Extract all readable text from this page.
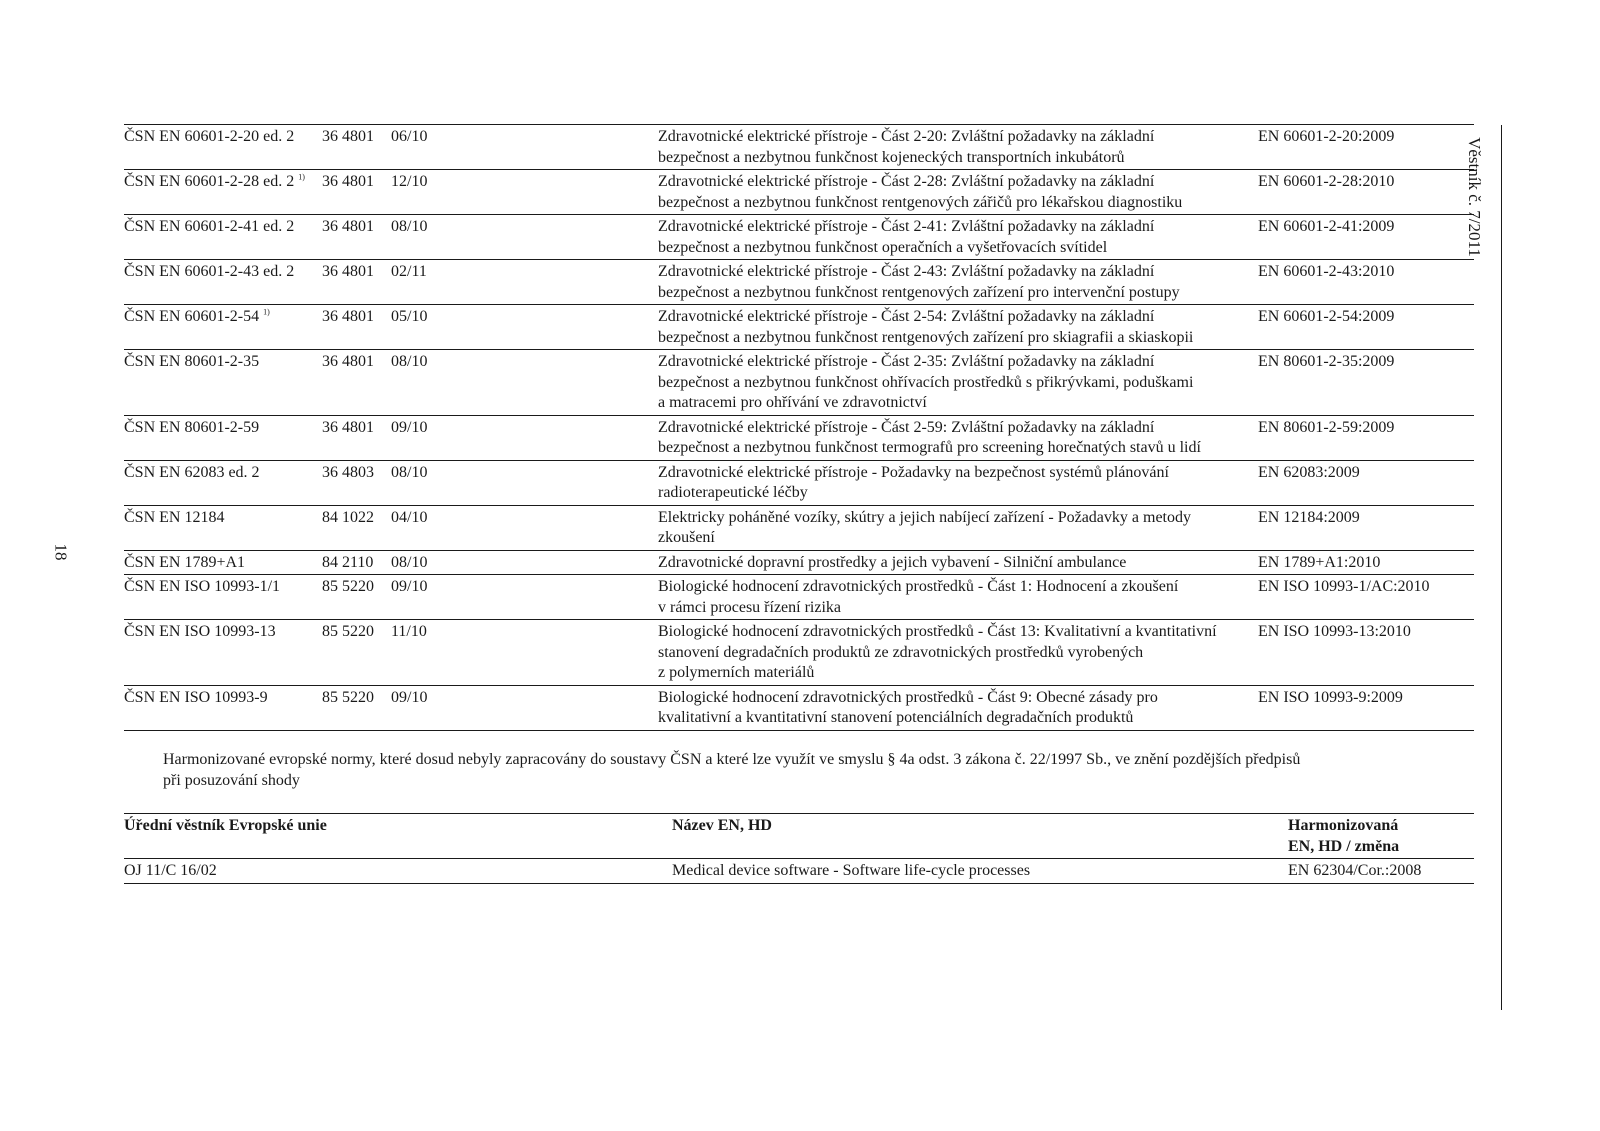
18
Věstník č. 7/2011
ČSN EN 60601-2-20 ed. 2	36 4801	06/10	Zdravotnické elektrické přístroje - Část 2-20: Zvláštní požadavky na základní
bezpečnost a nezbytnou funkčnost kojeneckých transportních inkubátorů	EN 60601-2-20:2009
ČSN EN 60601-2-28 ed. 2 $^{1)}$	36 4801	12/10	Zdravotnické elektrické přístroje - Část 2-28: Zvláštní požadavky na základní
bezpečnost a nezbytnou funkčnost rentgenových zářičů pro lékařskou diagnostiku	EN 60601-2-28:2010
ČSN EN 60601-2-41 ed. 2	36 4801	08/10	Zdravotnické elektrické přístroje - Část 2-41: Zvláštní požadavky na základní
bezpečnost a nezbytnou funkčnost operačních a vyšetřovacích svítidel	EN 60601-2-41:2009
ČSN EN 60601-2-43 ed. 2	36 4801	02/11	Zdravotnické elektrické přístroje - Část 2-43: Zvláštní požadavky na základní
bezpečnost a nezbytnou funkčnost rentgenových zařízení pro intervenční postupy	EN 60601-2-43:2010
ČSN EN 60601-2-54 $^{1)}$	36 4801	05/10	Zdravotnické elektrické přístroje - Část 2-54: Zvláštní požadavky na základní
bezpečnost a nezbytnou funkčnost rentgenových zařízení pro skiagrafii a skiaskopii	EN 60601-2-54:2009
ČSN EN 80601-2-35	36 4801	08/10	Zdravotnické elektrické přístroje - Část 2-35: Zvláštní požadavky na základní
bezpečnost a nezbytnou funkčnost ohřívacích prostředků s přikrývkami, poduškami
a matracemi pro ohřívání ve zdravotnictví	EN 80601-2-35:2009
ČSN EN 80601-2-59	36 4801	09/10	Zdravotnické elektrické přístroje - Část 2-59: Zvláštní požadavky na základní
bezpečnost a nezbytnou funkčnost termografů pro screening horečnatých stavů u lidí	EN 80601-2-59:2009
ČSN EN 62083 ed. 2	36 4803	08/10	Zdravotnické elektrické přístroje - Požadavky na bezpečnost systémů plánování
radioterapeutické léčby	EN 62083:2009
ČSN EN 12184	84 1022	04/10	Elektricky poháněné vozíky, skútry a jejich nabíjecí zařízení - Požadavky a metody
zkoušení	EN 12184:2009
ČSN EN 1789+A1	84 2110	08/10	Zdravotnické dopravní prostředky a jejich vybavení - Silniční ambulance	EN 1789+A1:2010
ČSN EN ISO 10993-1/1	85 5220	09/10	Biologické hodnocení zdravotnických prostředků - Část 1: Hodnocení a zkoušení
v rámci procesu řízení rizika	EN ISO 10993-1/AC:2010
ČSN EN ISO 10993-13	85 5220	11/10	Biologické hodnocení zdravotnických prostředků - Část 13: Kvalitativní a kvantitativní
stanovení degradačních produktů ze zdravotnických prostředků vyrobených
z polymerních materiálů	EN ISO 10993-13:2010
ČSN EN ISO 10993-9	85 5220	09/10	Biologické hodnocení zdravotnických prostředků - Část 9: Obecné zásady pro
kvalitativní a kvantitativní stanovení potenciálních degradačních produktů	EN ISO 10993-9:2009

Harmonizované evropské normy, které dosud nebyly zapracovány do soustavy ČSN a které lze využít ve smyslu § 4a odst. 3 zákona č. 22/1997 Sb., ve znění pozdějších předpisů
při posuzování shody

Úřední věstník Evropské unie	Název EN, HD	Harmonizovaná
EN, HD / změna

OJ 11/C 16/02	Medical device software - Software life-cycle processes	EN 62304/Cor.:2008
